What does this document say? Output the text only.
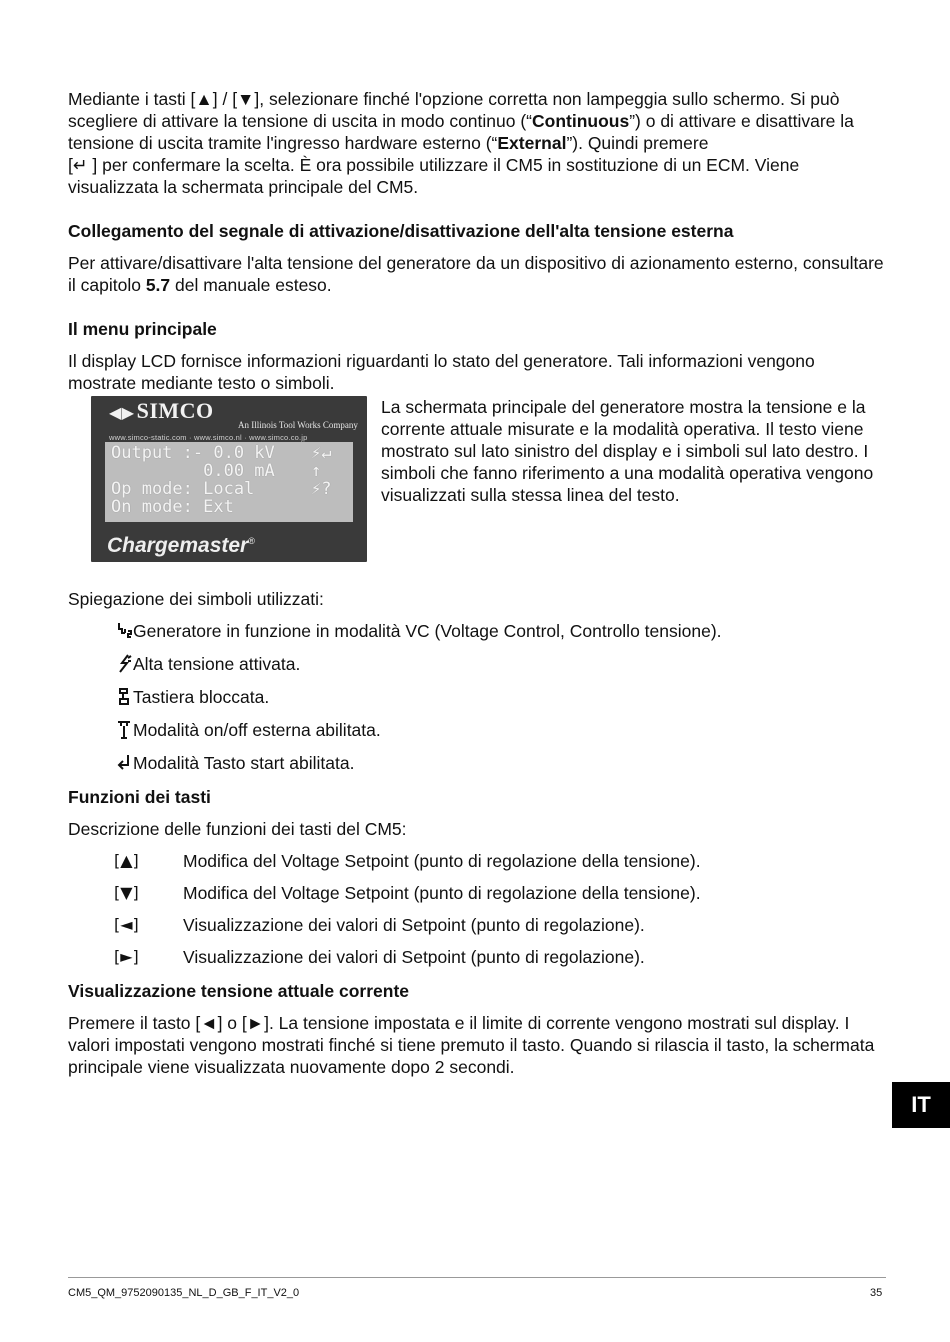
Mediante i tasti [▲] / [▼], selezionare finché l'opzione corretta non lampeggia sullo schermo. Si può scegliere di attivare la tensione di uscita in modo continuo (“Continuous”) o di attivare e disattivare la tensione di uscita tramite l'ingresso hardware esterno (“External”). Quindi premere
[↵ ] per confermare la scelta. È ora possibile utilizzare il CM5 in sostituzione di un ECM. Viene visualizzata la schermata principale del CM5.

Collegamento del segnale di attivazione/disattivazione dell'alta tensione esterna

Per attivare/disattivare l'alta tensione del generatore da un dispositivo di azionamento esterno, consultare il capitolo 5.7 del manuale esteso.

Il menu principale

Il display LCD fornisce informazioni riguardanti lo stato del generatore. Tali informazioni vengono mostrate mediante testo o simboli.

◀▶SIMCO
An Illinois Tool Works Company
www.simco-static.com · www.simco.nl · www.simco.co.jp
Output :- 0.0 kV ⚡↵
0.00 mA ↑
Op mode: Local	⚡?
On mode: Ext
Chargemaster®

La schermata principale del generatore mostra la tensione e la corrente attuale misurate e la modalità operativa. Il testo viene mostrato sul lato sinistro del display e i simboli sul lato destro. I simboli che fanno riferimento a una modalità operativa vengono visualizzati sulla stessa linea del testo.

Spiegazione dei simboli utilizzati:

Generatore in funzione in modalità VC (Voltage Control, Controllo tensione).
Alta tensione attivata.
Tastiera bloccata.
Modalità on/off esterna abilitata.
Modalità Tasto start abilitata.
Funzioni dei tasti

Descrizione delle funzioni dei tasti del CM5:

[▲]	Modifica del Voltage Setpoint (punto di regolazione della tensione).
[▼]	Modifica del Voltage Setpoint (punto di regolazione della tensione).
[◄]	Visualizzazione dei valori di Setpoint (punto di regolazione).
[►]	Visualizzazione dei valori di Setpoint (punto di regolazione).
Visualizzazione tensione attuale corrente

Premere il tasto [◄] o [►]. La tensione impostata e il limite di corrente vengono mostrati sul display. I valori impostati vengono mostrati finché si tiene premuto il tasto. Quando si rilascia il tasto, la schermata principale viene visualizzata nuovamente dopo 2 secondi.

IT
CM5_QM_9752090135_NL_D_GB_F_IT_V2_0	35
